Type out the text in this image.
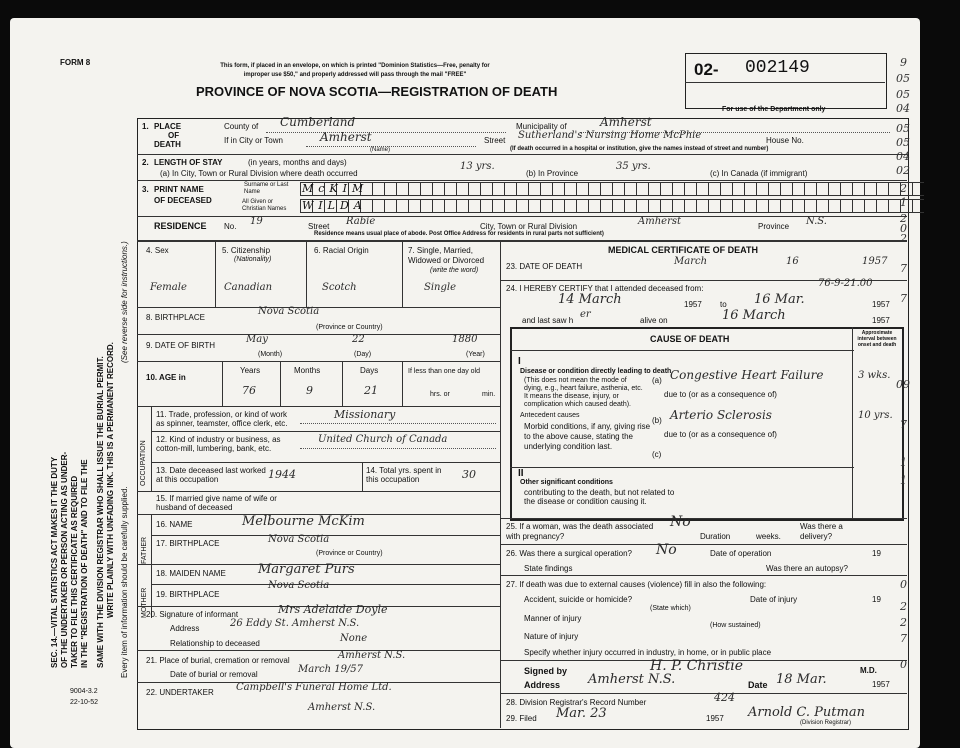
FORM 8	This form, if placed in an envelope, on which is printed "Dominion Statistics—Free, penalty for improper use $50," and properly addressed will pass through the mail "FREE"
PROVINCE OF NOVA SCOTIA—REGISTRATION OF DEATH
02- 002149
For use of the Department only
SEC. 14.—VITAL STATISTICS ACT MAKES IT THE DUTY OF THE UNDERTAKER OR PERSON ACTING AS UNDER- TAKER TO FILE THIS CERTIFICATE AS REQUIRED IN THE "REGISTRATION OF DEATH" AND TO FILE THE SAME WITH THE DIVISION REGISTRAR WHO SHALL ISSUE THE BURIAL PERMIT. WRITE PLAINLY WITH UNFADING INK. THIS IS A PERMANENT RECORD. Every item of information should be carefully supplied.
(See reverse side for instructions.)
1. PLACE
OF
DEATH
County of Cumberland	Municipality of	Amherst
If in City or Town	Amherst
(Name)
Street Sutherland's Nursing Home McPhie	House No.
(If death occurred in a hospital or institution, give the names instead of street and number)
2. LENGTH OF STAY	(in years, months and days)
(a) In City, Town or Rural Division where death occurred
13 yrs.
(b) In Province
35 yrs.
(c) In Canada (if immigrant)
3. PRINT NAME
OF DECEASED
Surname or Last Name
All Given or Christian Names
McKIM
WILDA
RESIDENCE No. 19	Street Rabie	City, Town or Rural Division	Amherst	Province N.S.
Residence means usual place of abode. Post Office Address for residents in rural parts not sufficient)
4. Sex
Female
5. Citizenship
(Nationality)
Canadian
6. Racial Origin
Scotch
7. Single, Married, Widowed or Divorced
(write the word)
Single
8. BIRTHPLACE
Nova Scotia
(Province or Country)
9. DATE OF BIRTH
May	22	1880
(Month)	(Day)	(Year)
10. AGE in
Years	Months	Days
76	9	21
If less than one day old
hrs. or	min.
OCCUPATION
11. Trade, profession, or kind of work as spinner, teamster, office clerk, etc.
Missionary
12. Kind of industry or business, as cotton-mill, lumbering, bank, etc.
United Church of Canada
13. Date deceased last worked at this occupation	1944	14. Total yrs. spent in this occupation	30
15. If married give name of wife or husband of deceased
FATHER
MOTHER
16. NAME	Melbourne McKim
17. BIRTHPLACE	Nova Scotia
(Province or Country)
18. MAIDEN NAME Margaret Purs
19. BIRTHPLACE
Nova Scotia
20. Signature of informant	Mrs Adelaide Doyle
Address	26 Eddy St. Amherst N.S.
Relationship to deceased	None
21. Place of burial, cremation or removal	Amherst N.S.
Date of burial or removal	March 19/57
22. UNDERTAKER Campbell's Funeral Home Ltd.
Amherst N.S.
MEDICAL CERTIFICATE OF DEATH
23. DATE OF DEATH	March	16	1957
24. I HEREBY CERTIFY that I attended deceased from:	76-9-21.00
14 March	1957 to 16 Mar.	1957
and last saw h
er
alive on	16 March	1957
CAUSE OF DEATH
Approximate interval between onset and death
I
Disease or condition directly leading to death
(This does not mean the mode of dying, e.g., heart failure, asthenia, etc. It means the disease, injury, or complication which caused death).
(a) Congestive Heart Failure	3 wks.
due to (or as a consequence of)
Antecedent causes
Morbid conditions, if any, giving rise to the above cause, stating the underlying condition last.
(b) Arterio Sclerosis	10 yrs.
due to (or as a consequence of)
(c)
II
Other significant conditions
contributing to the death, but not related to the disease or condition causing it.
25. If a woman, was the death associated with pregnancy?
No
Duration	weeks.
Was there a delivery?
26. Was there a surgical operation? No	Date of operation	19
State findings	Was there an autopsy?
27. If death was due to external causes (violence) fill in also the following:
Accident, suicide or homicide?
(State which)
Date of injury	19
Manner of injury
(How sustained)
Nature of injury
Specify whether injury occurred in industry, in home, or in public place
Signed by	H. P. Christie	M.D.
Address Amherst N.S.	Date 18 Mar.	1957
28. Division Registrar's Record Number	424
29. Filed Mar. 23	1957 Arnold C. Putman
(Division Registrar)
9004-3.2
22-10-52
9
05
05
04
05
05
04
02
2
1
2
0
2
7
7
09
7
1
1
0
2
2
7
0
